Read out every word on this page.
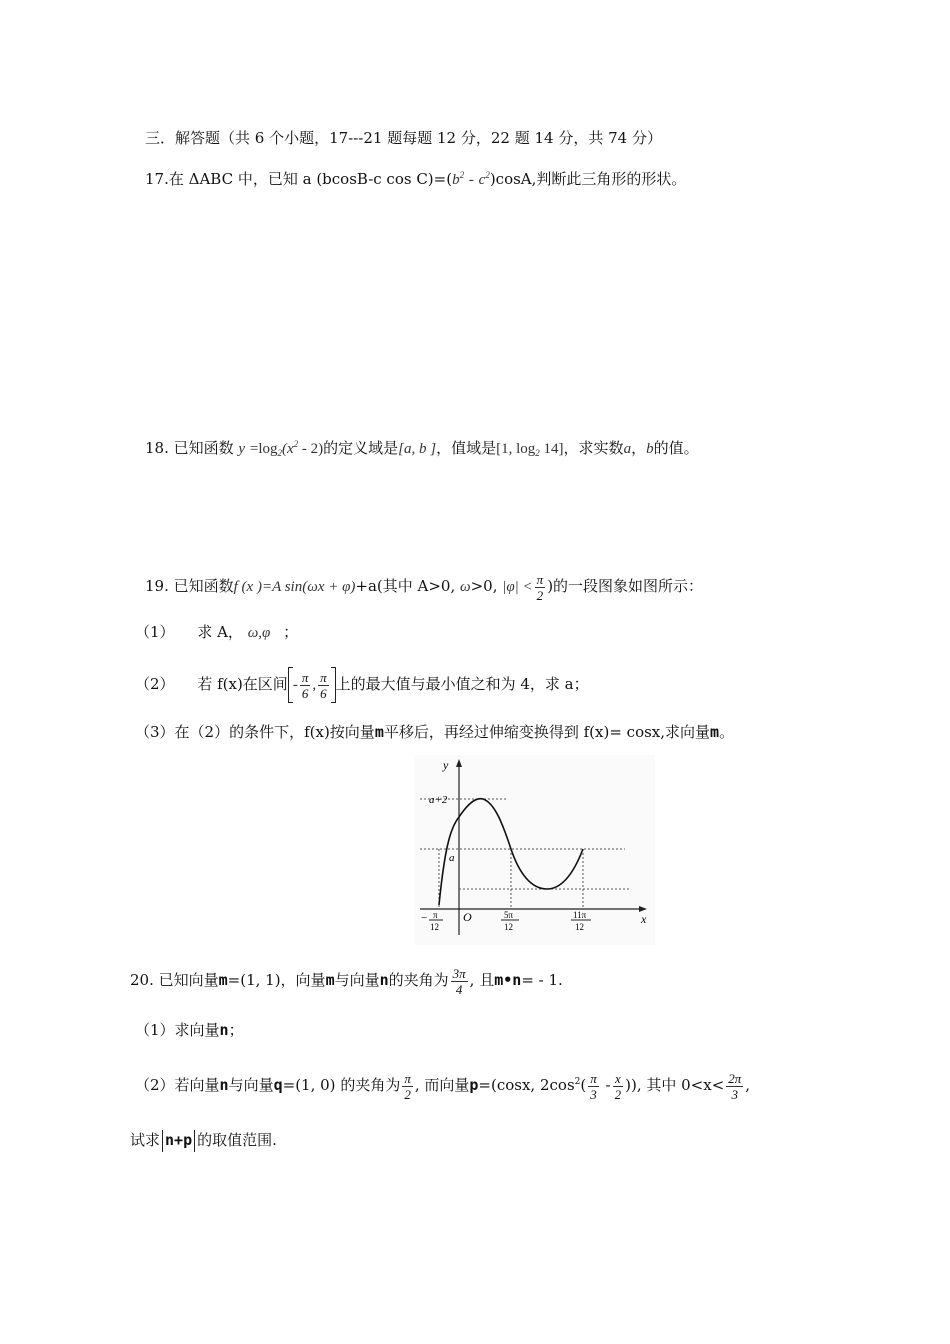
三．解答题（共 6 个小题，17---21 题每题 12 分，22 题 14 分，共 74 分）
17.在 ΔABC 中，已知 a (bcosB-c $\cos C)=(b^2 - c^2)\cos A$,判断此三角形的形状。
18. 已知函数 $y =\log_2(x^2 - 2)$的定义域是[a, b ]，值域是[1, $\log_2 14$]，求实数a，b的值。
19. 已知函数f (x )=A sin(ωx + φ)+a(其中 A>0, ω>0, $|\varphi| < \frac{\pi}{2}$ )的一段图象如图所示：
（1） 求 A， ω,φ ；
（2） 若 f(x)在区间 - $\frac{\pi}{6}$ , $\frac{\pi}{6}$ 上的最大值与最小值之和为 4，求 a；
（3）在（2）的条件下，f(x)按向量m平移后，再经过伸缩变换得到 f(x)= cosx,求向量m。
y
x
O
a+2
a
− π
12
5π
12
11π
12
20. 已知向量m=(1, 1)，向量m与向量n的夹角为 $\frac{3\pi}{4}$ , 且m•n= - 1.
（1）求向量n；
（2）若向量n与向量q=(1, 0) 的夹角为 $\frac{\pi}{2}$ , 而向量p=(cosx, $2\cos^2( \frac{\pi}{3} - \frac{x}{2}$ )), 其中 $0<x< \frac{2\pi}{3}$ ,
试求 n+p 的取值范围.
